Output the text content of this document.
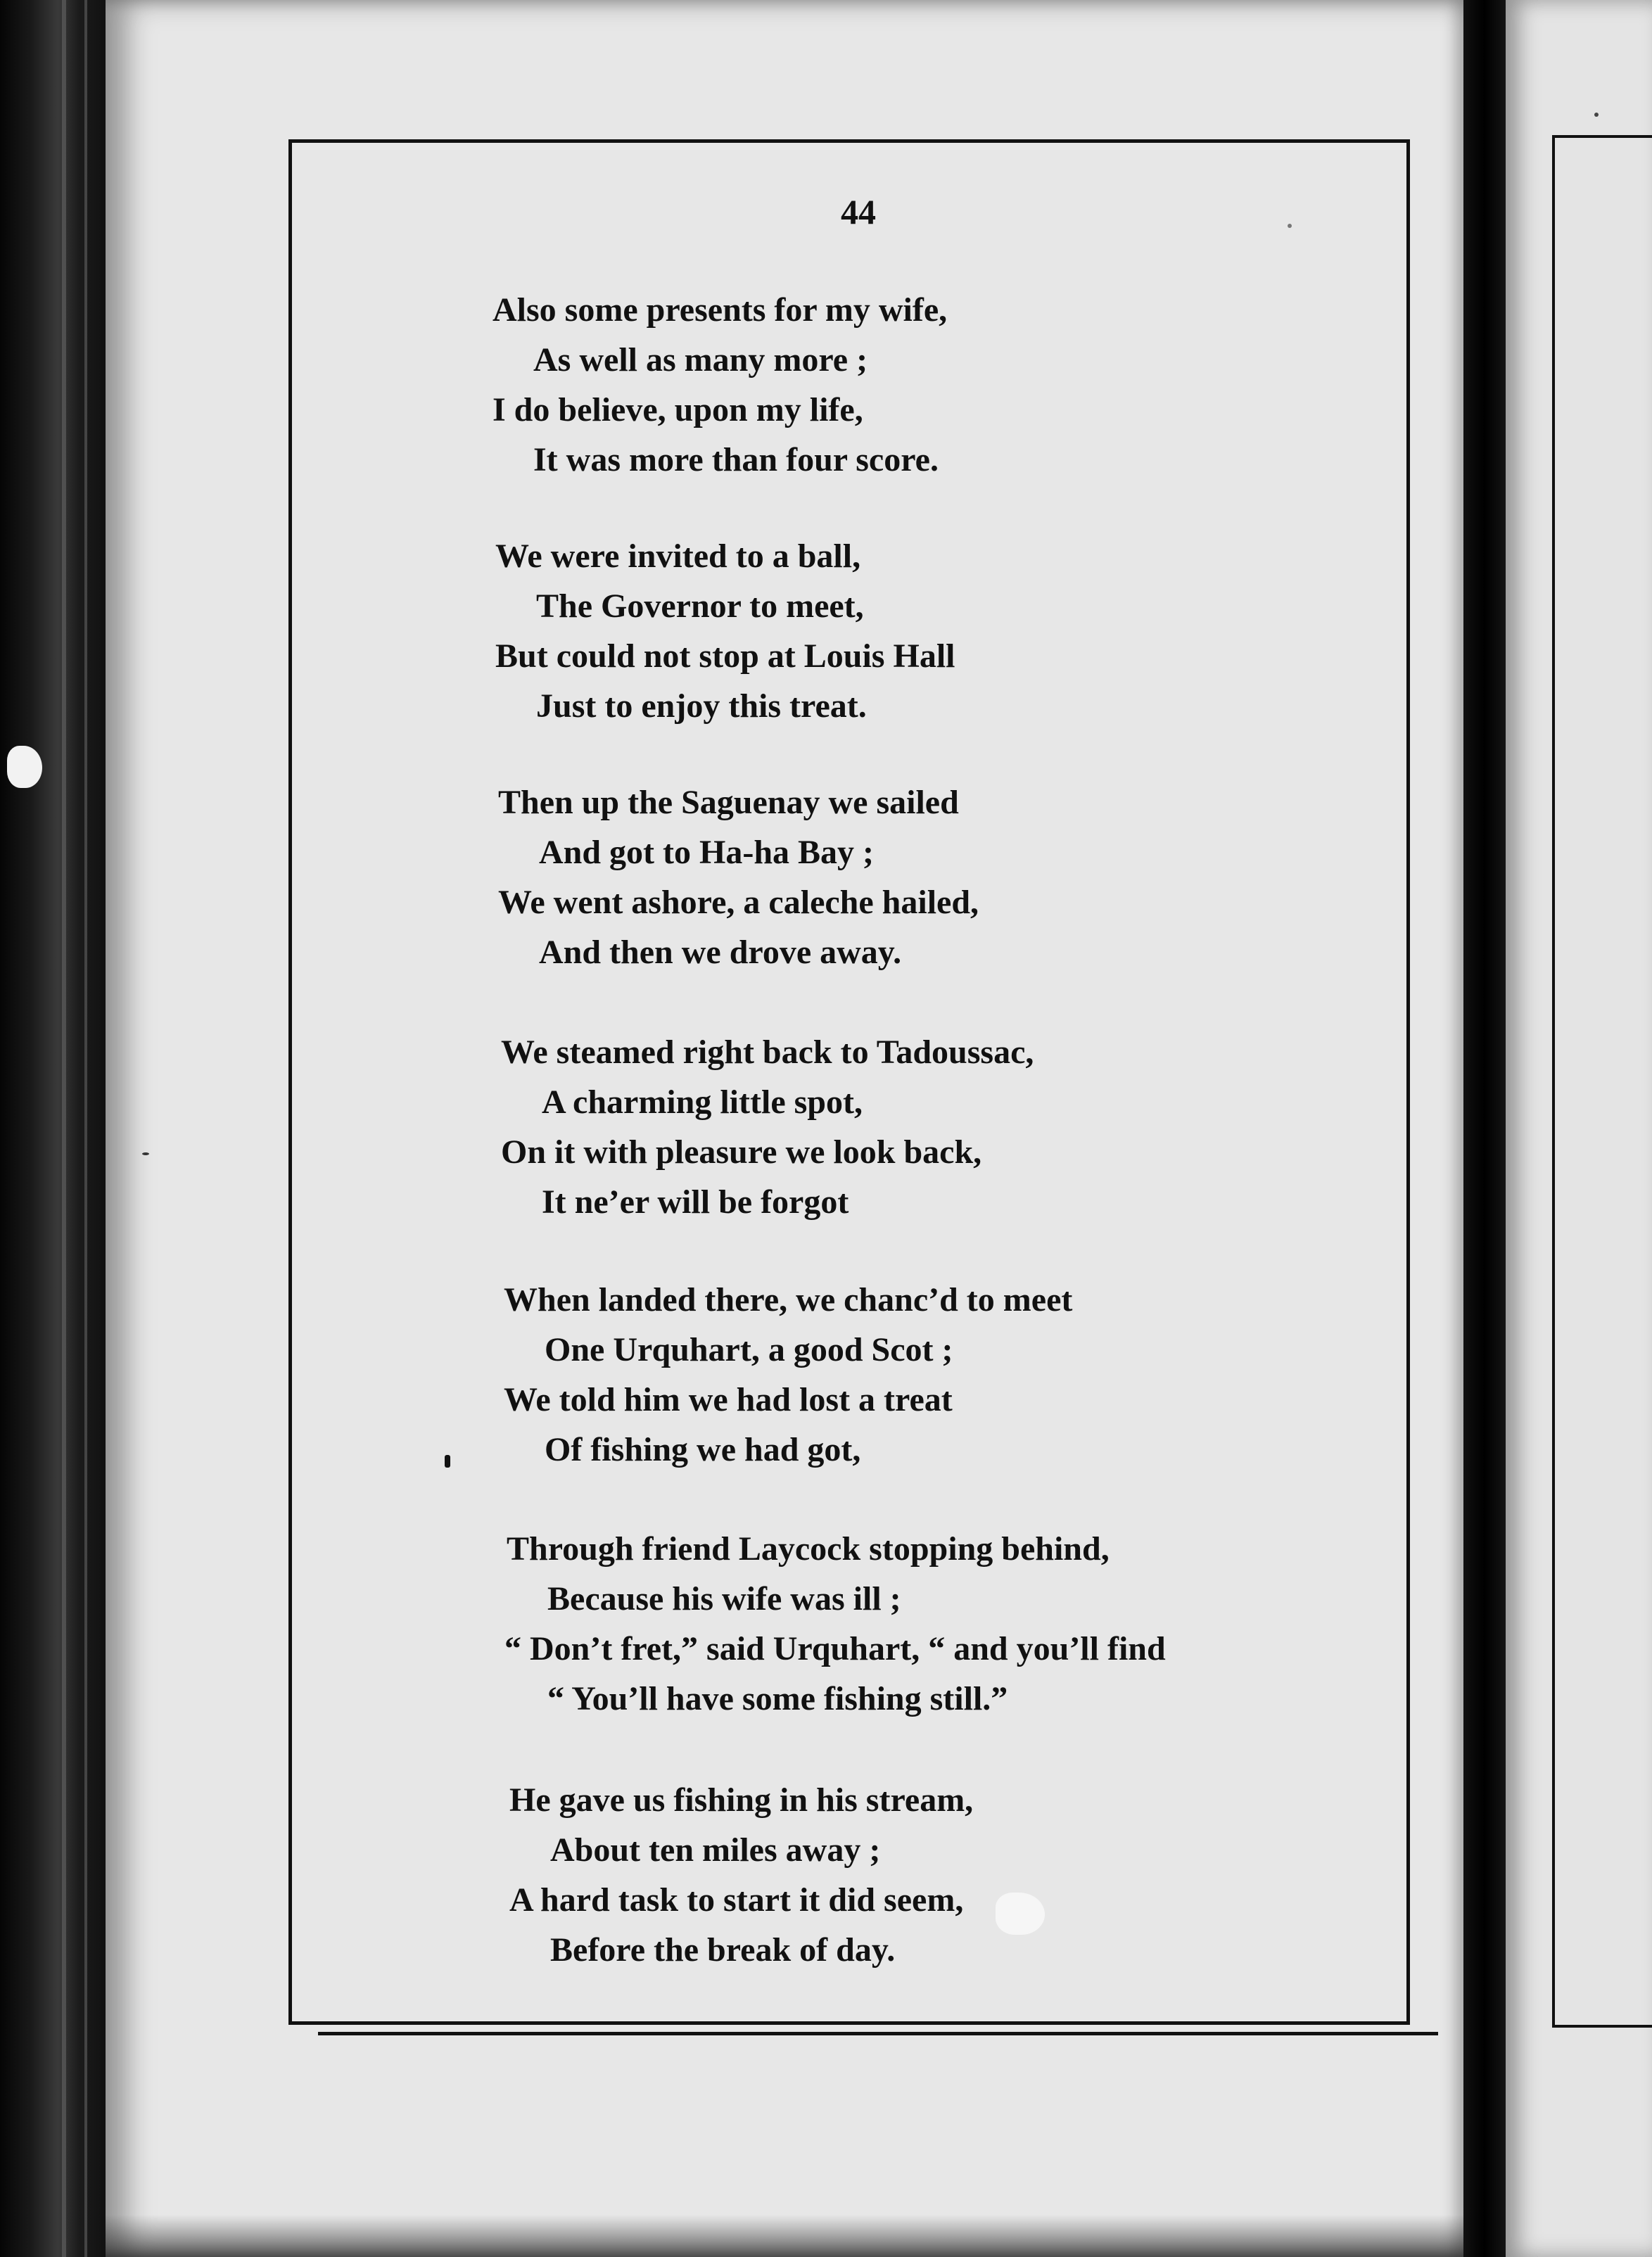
44
Also some presents for my wife,
As well as many more ;
I do believe, upon my life,
It was more than four score.
We were invited to a ball,
The Governor to meet,
But could not stop at Louis Hall
Just to enjoy this treat.
Then up the Saguenay we sailed
And got to Ha-ha Bay ;
We went ashore, a caleche hailed,
And then we drove away.
We steamed right back to Tadoussac,
A charming little spot,
On it with pleasure we look back,
It ne’er will be forgot
When landed there, we chanc’d to meet
One Urquhart, a good Scot ;
We told him we had lost a treat
Of fishing we had got,
Through friend Laycock stopping behind,
Because his wife was ill ;
“ Don’t fret,” said Urquhart, “ and you’ll find
“ You’ll have some fishing still.”
He gave us fishing in his stream,
About ten miles away ;
A hard task to start it did seem,
Before the break of day.
